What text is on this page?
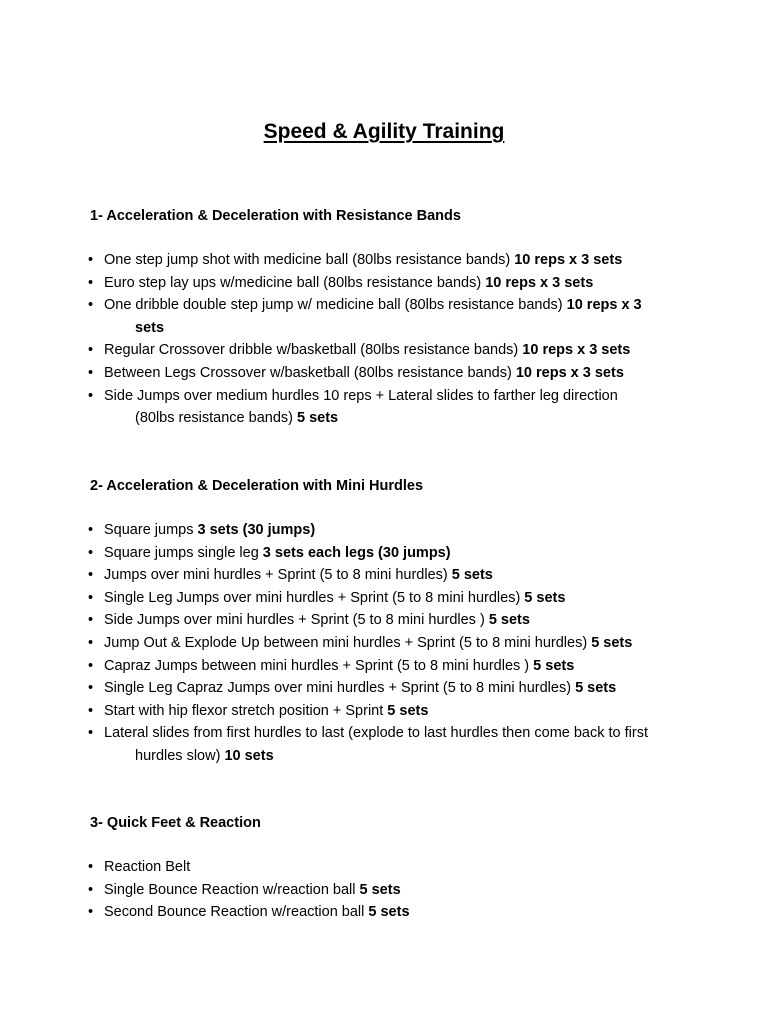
Speed & Agility Training
1- Acceleration & Deceleration with Resistance Bands
• One step jump shot with medicine ball (80lbs resistance bands) 10 reps x 3 sets
• Euro step lay ups w/medicine ball (80lbs resistance bands) 10 reps x 3 sets
• One dribble double step jump w/ medicine ball (80lbs resistance bands) 10 reps x 3
sets
• Regular Crossover dribble w/basketball (80lbs resistance bands) 10 reps x 3 sets
• Between Legs Crossover w/basketball (80lbs resistance bands) 10 reps x 3 sets
• Side Jumps over medium hurdles 10 reps + Lateral slides to farther leg direction
(80lbs resistance bands) 5 sets
2- Acceleration & Deceleration with Mini Hurdles
• Square jumps 3 sets (30 jumps)
• Square jumps single leg 3 sets each legs (30 jumps)
• Jumps over mini hurdles + Sprint (5 to 8 mini hurdles) 5 sets
• Single Leg Jumps over mini hurdles + Sprint (5 to 8 mini hurdles) 5 sets
• Side Jumps over mini hurdles + Sprint (5 to 8 mini hurdles ) 5 sets
• Jump Out & Explode Up between mini hurdles + Sprint (5 to 8 mini hurdles) 5 sets
• Capraz Jumps between mini hurdles + Sprint (5 to 8 mini hurdles ) 5 sets
• Single Leg Capraz Jumps over mini hurdles + Sprint (5 to 8 mini hurdles) 5 sets
• Start with hip flexor stretch position + Sprint 5 sets
• Lateral slides from first hurdles to last (explode to last hurdles then come back to first
hurdles slow) 10 sets
3- Quick Feet & Reaction
• Reaction Belt
• Single Bounce Reaction w/reaction ball 5 sets
• Second Bounce Reaction w/reaction ball 5 sets
